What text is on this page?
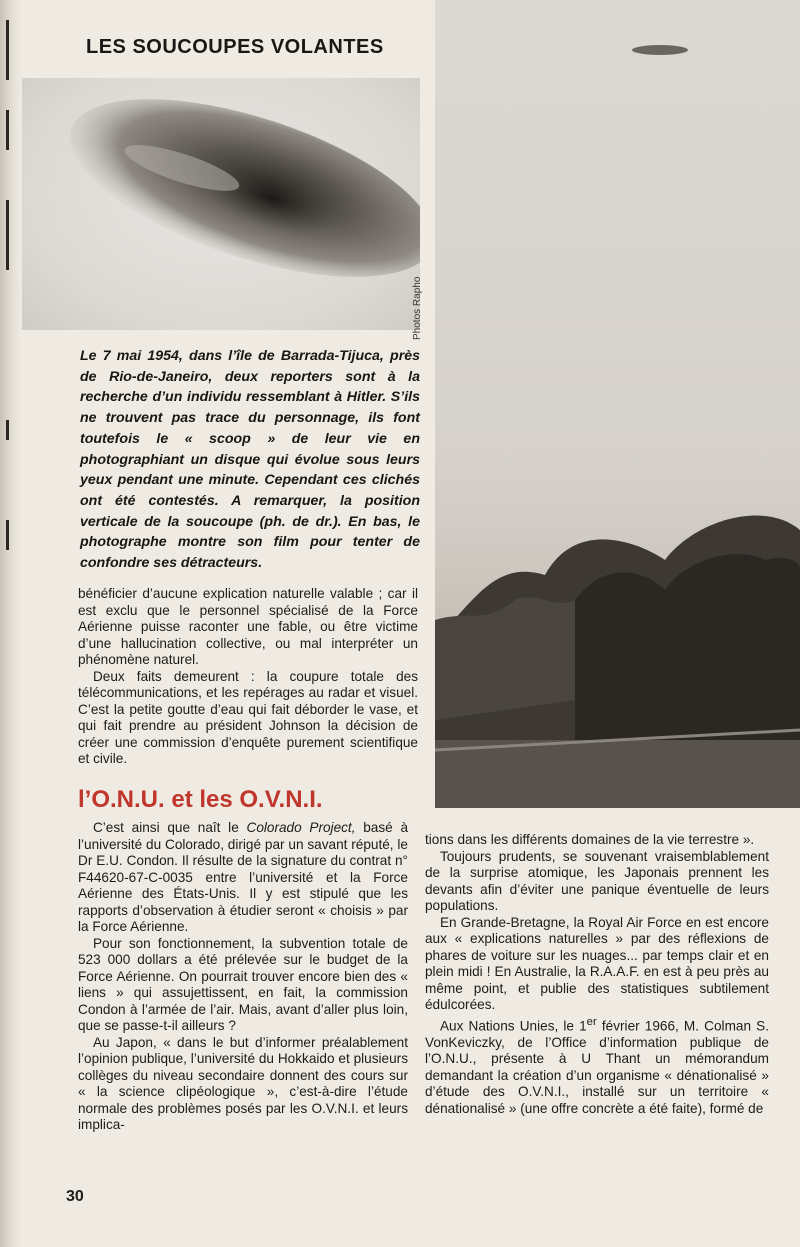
LES SOUCOUPES VOLANTES
Photos Rapho

Le 7 mai 1954, dans l’île de Barrada-Tijuca, près de Rio-de-Janeiro, deux reporters sont à la recherche d’un individu ressemblant à Hitler. S’ils ne trouvent pas trace du personnage, ils font toutefois le « scoop » de leur vie en photographiant un disque qui évolue sous leurs yeux pendant une minute. Cependant ces clichés ont été contestés. A remarquer, la position verticale de la soucoupe (ph. de dr.). En bas, le photographe montre son film pour tenter de confondre ses détracteurs.

bénéficier d’aucune explication naturelle valable ; car il est exclu que le personnel spécialisé de la Force Aérienne puisse raconter une fable, ou être victime d’une hallucination collective, ou mal interpréter un phénomène naturel.

Deux faits demeurent : la coupure totale des télécommunications, et les repérages au radar et visuel. C’est la petite goutte d’eau qui fait déborder le vase, et qui fait prendre au président Johnson la décision de créer une commission d’enquête purement scientifique et civile.

l’O.N.U. et les O.V.N.I.

C’est ainsi que naît le Colorado Project, basé à l’université du Colorado, dirigé par un savant réputé, le Dr E.U. Condon. Il résulte de la signature du contrat n° F44620-67-C-0035 entre l’université et la Force Aérienne des États-Unis. Il y est stipulé que les rapports d’observation à étudier seront « choisis » par la Force Aérienne.

Pour son fonctionnement, la subvention totale de 523 000 dollars a été prélevée sur le budget de la Force Aérienne. On pourrait trouver encore bien des « liens » qui assujettissent, en fait, la commission Condon à l’armée de l’air. Mais, avant d’aller plus loin, que se passe-t-il ailleurs ?

Au Japon, « dans le but d’informer préalablement l’opinion publique, l’université du Hokkaido et plusieurs collèges du niveau secondaire donnent des cours sur « la science clipéologique », c’est-à-dire l’étude normale des problèmes posés par les O.V.N.I. et leurs implica-

tions dans les différents domaines de la vie terrestre ».

Toujours prudents, se souvenant vraisemblablement de la surprise atomique, les Japonais prennent les devants afin d’éviter une panique éventuelle de leurs populations.

En Grande-Bretagne, la Royal Air Force en est encore aux « explications naturelles » par des réflexions de phares de voiture sur les nuages... par temps clair et en plein midi ! En Australie, la R.A.A.F. en est à peu près au même point, et publie des statistiques subtilement édulcorées.

Aux Nations Unies, le 1er février 1966, M. Colman S. VonKeviczky, de l’Office d’information publique de l’O.N.U., présente à U Thant un mémorandum demandant la création d’un organisme « dénationalisé » d’étude des O.V.N.I., installé sur un territoire « dénationalisé » (une offre concrète a été faite), formé de

30
